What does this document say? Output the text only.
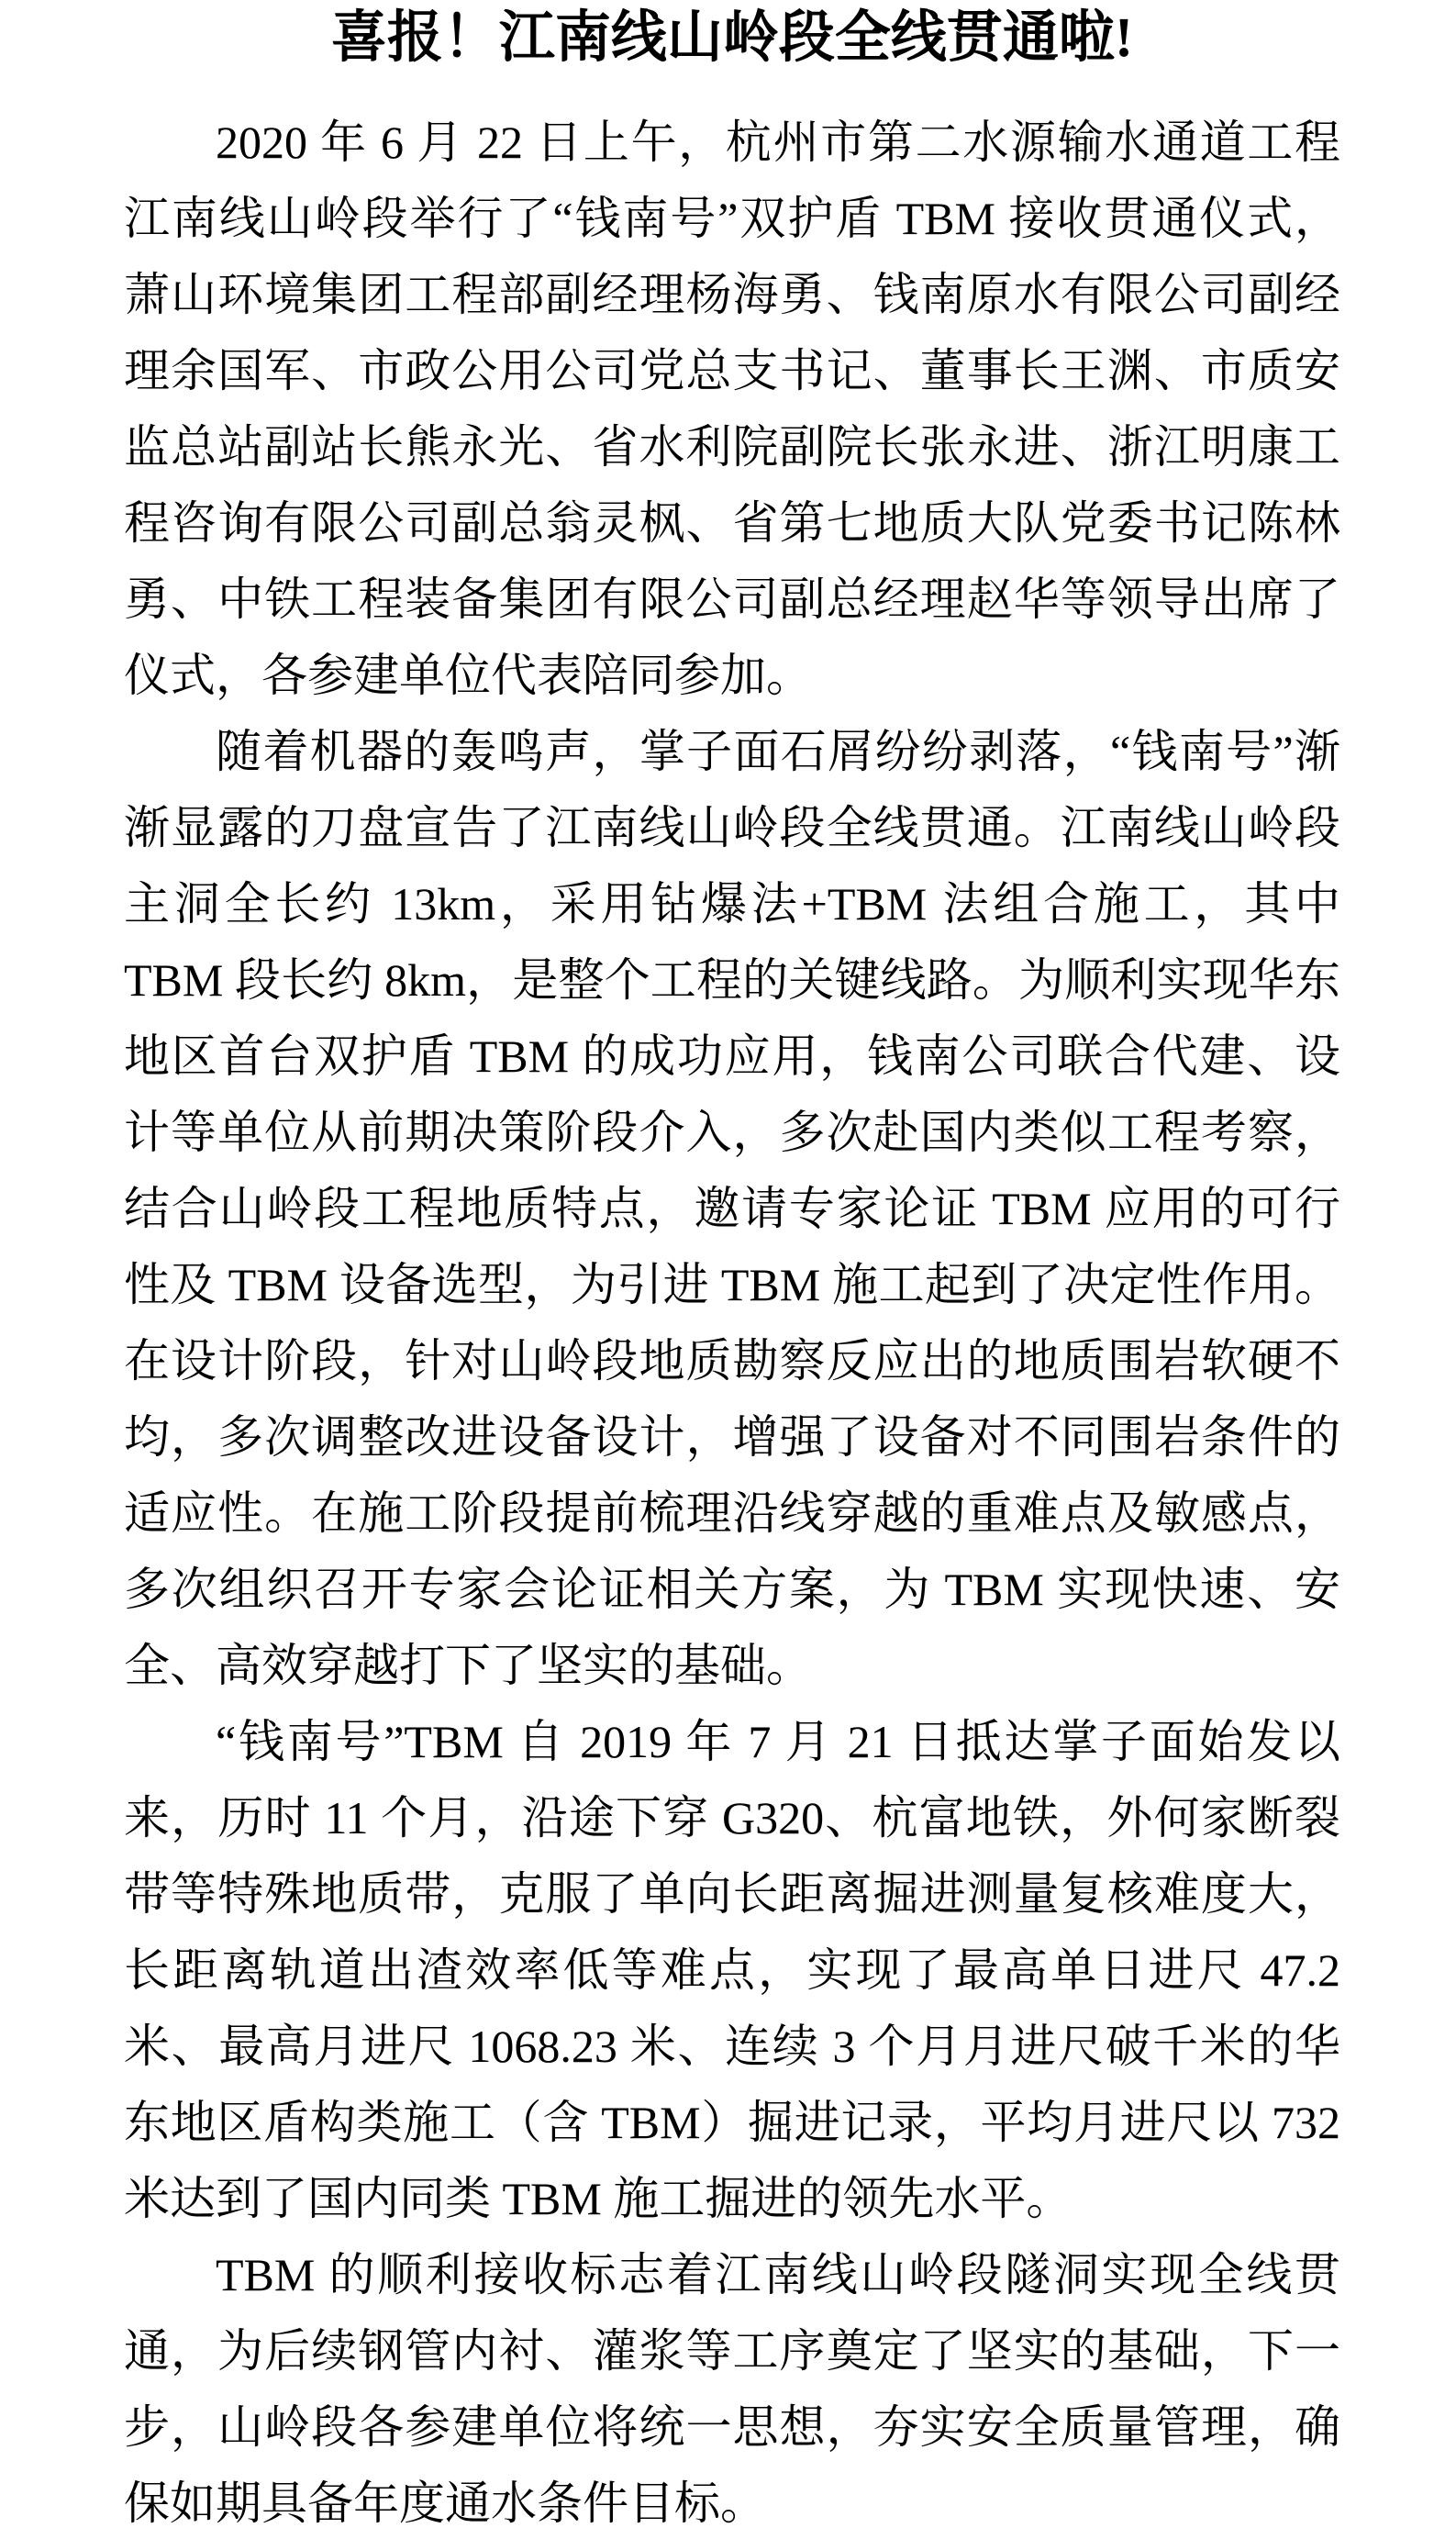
喜报！江南线山岭段全线贯通啦!

2020 年 6 月 22 日上午，杭州市第二水源输水通道工程江南线山岭段举行了“钱南号”双护盾 TBM 接收贯通仪式，萧山环境集团工程部副经理杨海勇、钱南原水有限公司副经理余国军、市政公用公司党总支书记、董事长王渊、市质安监总站副站长熊永光、省水利院副院长张永进、浙江明康工程咨询有限公司副总翁灵枫、省第七地质大队党委书记陈林勇、中铁工程装备集团有限公司副总经理赵华等领导出席了仪式，各参建单位代表陪同参加。

随着机器的轰鸣声，掌子面石屑纷纷剥落，“钱南号”渐渐显露的刀盘宣告了江南线山岭段全线贯通。江南线山岭段主洞全长约 13km，采用钻爆法+TBM 法组合施工，其中 TBM 段长约 8km，是整个工程的关键线路。为顺利实现华东地区首台双护盾 TBM 的成功应用，钱南公司联合代建、设计等单位从前期决策阶段介入，多次赴国内类似工程考察，结合山岭段工程地质特点，邀请专家论证 TBM 应用的可行性及 TBM 设备选型，为引进 TBM 施工起到了决定性作用。在设计阶段，针对山岭段地质勘察反应出的地质围岩软硬不均，多次调整改进设备设计，增强了设备对不同围岩条件的适应性。在施工阶段提前梳理沿线穿越的重难点及敏感点，多次组织召开专家会论证相关方案，为 TBM 实现快速、安全、高效穿越打下了坚实的基础。

“钱南号”TBM 自 2019 年 7 月 21 日抵达掌子面始发以来，历时 11 个月，沿途下穿 G320、杭富地铁，外何家断裂带等特殊地质带，克服了单向长距离掘进测量复核难度大，长距离轨道出渣效率低等难点，实现了最高单日进尺 47.2 米、最高月进尺 1068.23 米、连续 3 个月月进尺破千米的华东地区盾构类施工（含 TBM）掘进记录，平均月进尺以 732 米达到了国内同类 TBM 施工掘进的领先水平。

TBM 的顺利接收标志着江南线山岭段隧洞实现全线贯通，为后续钢管内衬、灌浆等工序奠定了坚实的基础，下一步，山岭段各参建单位将统一思想，夯实安全质量管理，确保如期具备年度通水条件目标。
